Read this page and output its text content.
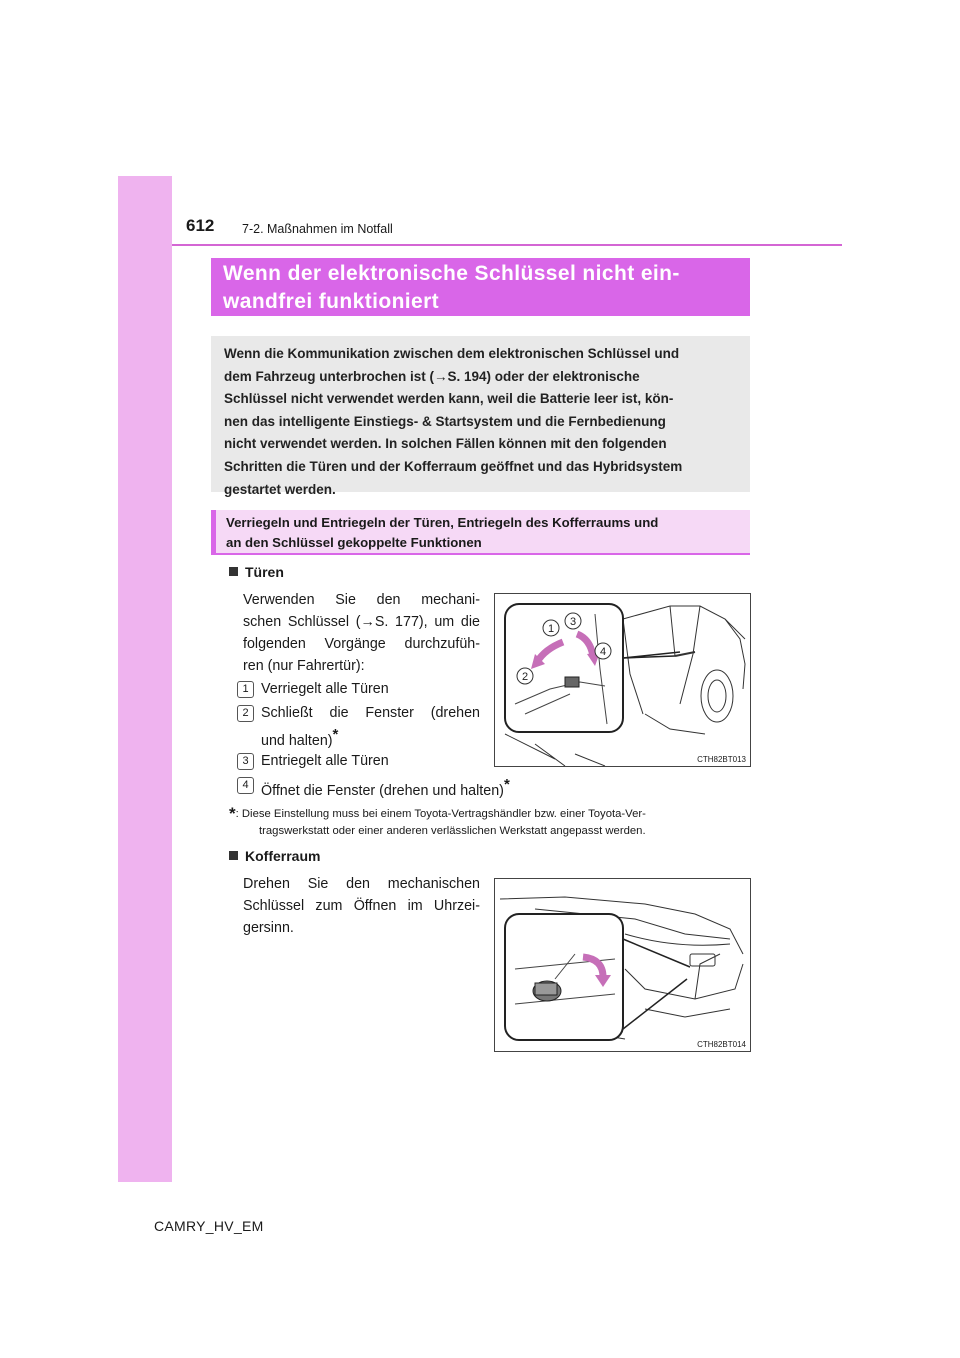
612 7-2. Maßnahmen im Notfall
Wenn der elektronische Schlüssel nicht ein-
wandfrei funktioniert
Wenn die Kommunikation zwischen dem elektronischen Schlüssel und
dem Fahrzeug unterbrochen ist (→S. 194) oder der elektronische
Schlüssel nicht verwendet werden kann, weil die Batterie leer ist, kön-
nen das intelligente Einstiegs- & Startsystem und die Fernbedienung
nicht verwendet werden. In solchen Fällen können mit den folgenden
Schritten die Türen und der Kofferraum geöffnet und das Hybridsystem
gestartet werden.
Verriegeln und Entriegeln der Türen, Entriegeln des Kofferraums und
an den Schlüssel gekoppelte Funktionen
Türen
Verwenden Sie den mechani-
schen Schlüssel (→S. 177), um die
folgenden Vorgänge durchzufüh-
ren (nur Fahrertür):
1 Verriegelt alle Türen
2 Schließt die Fenster (drehen
und halten)*
3 Entriegelt alle Türen
4 Öffnet die Fenster (drehen und halten)*
1
3
2
4
CTH82BT013
*: Diese Einstellung muss bei einem Toyota-Vertragshändler bzw. einer Toyota-Ver-
tragswerkstatt oder einer anderen verlässlichen Werkstatt angepasst werden.
Kofferraum
Drehen Sie den mechanischen
Schlüssel zum Öffnen im Uhrzei-
gersinn.
CTH82BT014
CAMRY_HV_EM
